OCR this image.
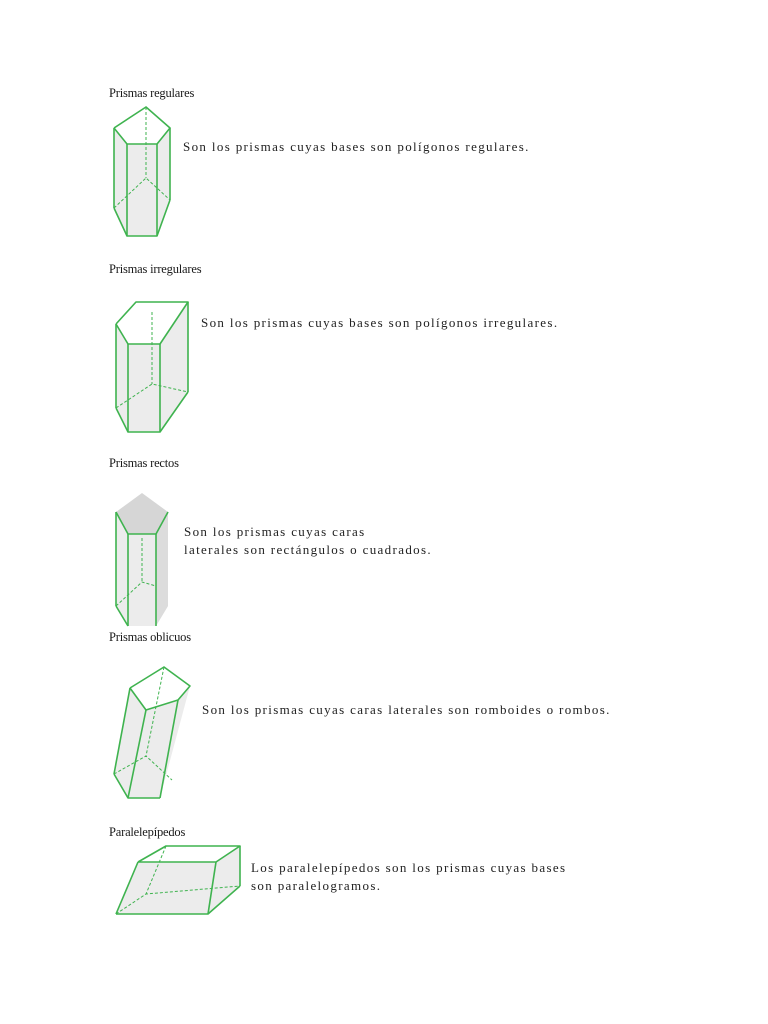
Prismas regulares
Son los prismas cuyas bases son polígonos regulares.
Prismas irregulares
Son los prismas cuyas bases son polígonos irregulares.
Prismas rectos
Son los prismas cuyas caras
laterales son rectángulos o cuadrados.
Prismas oblicuos
Son los prismas cuyas caras laterales son romboides o rombos.
Paralelepípedos
Los paralelepípedos son los prismas cuyas bases
son paralelogramos.
